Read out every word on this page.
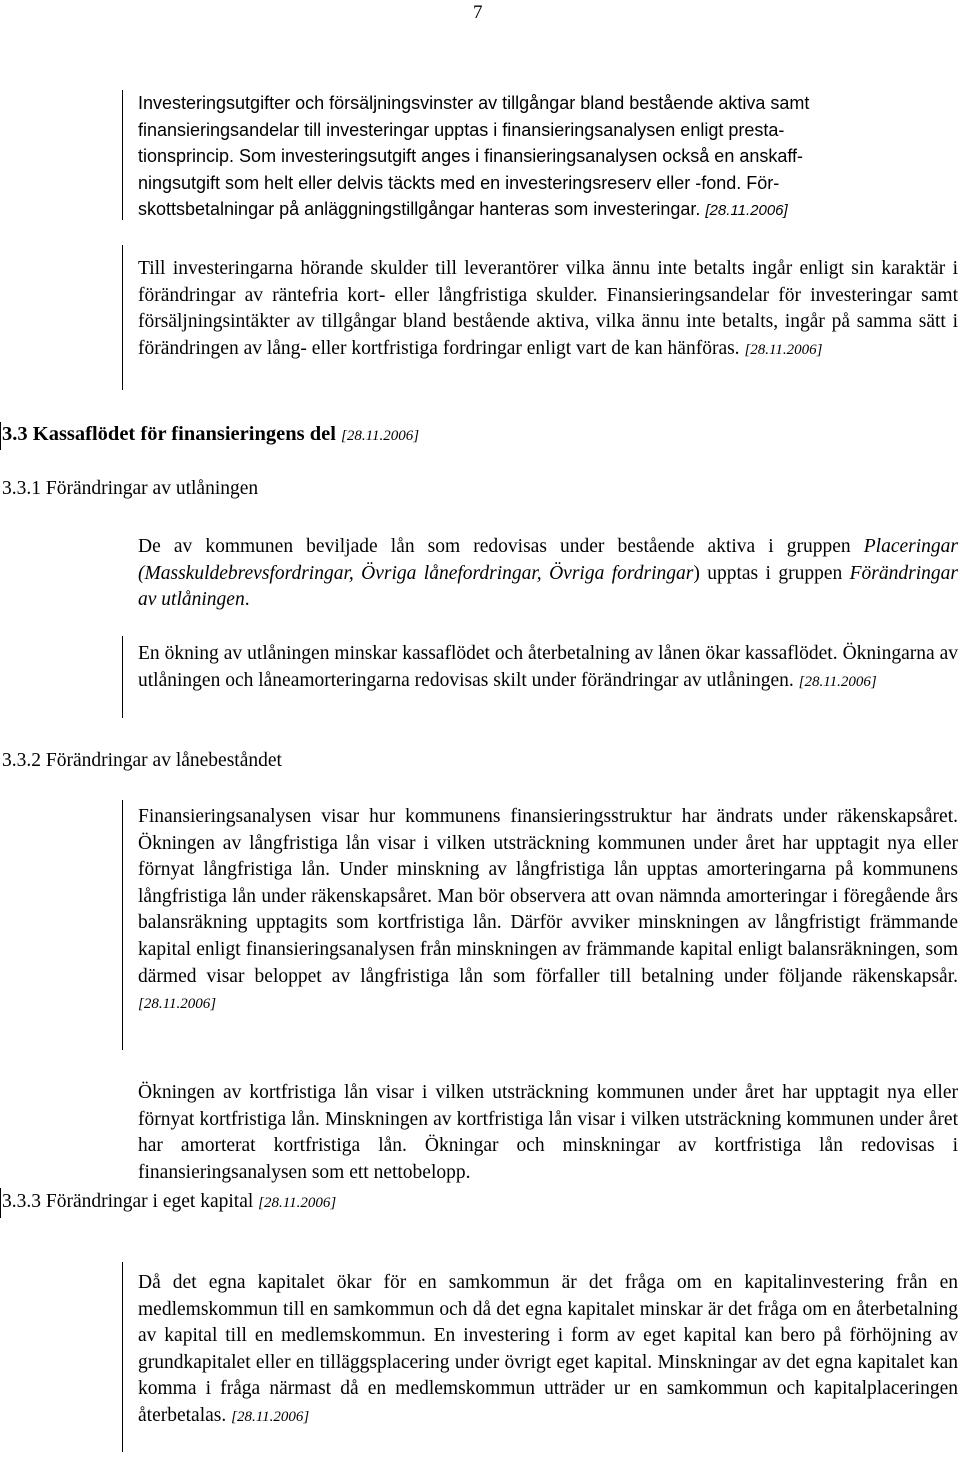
7

Investeringsutgifter och försäljningsvinster av tillgångar bland bestående aktiva samt
finansieringsandelar till investeringar upptas i finansieringsanalysen enligt presta-
tionsprincip. Som investeringsutgift anges i finansieringsanalysen också en anskaff-
ningsutgift som helt eller delvis täckts med en investeringsreserv eller -fond. För-
skottsbetalningar på anläggningstillgångar hanteras som investeringar. [28.11.2006]

Till investeringarna hörande skulder till leverantörer vilka ännu inte betalts ingår enligt sin karaktär i förändringar av räntefria kort- eller långfristiga skulder. Finansieringsandelar för investeringar samt försäljningsintäkter av tillgångar bland bestående aktiva, vilka ännu inte betalts, ingår på samma sätt i förändringen av lång- eller kortfristiga fordringar enligt vart de kan hänföras. [28.11.2006]

3.3 Kassaflödet för finansieringens del [28.11.2006]
3.3.1 Förändringar av utlåningen

De av kommunen beviljade lån som redovisas under bestående aktiva i gruppen Placeringar (Masskuldebrevsfordringar, Övriga lånefordringar, Övriga fordringar) upptas i gruppen Förändringar av utlåningen.

En ökning av utlåningen minskar kassaflödet och återbetalning av lånen ökar kassaflödet. Ökningarna av utlåningen och låneamorteringarna redovisas skilt under förändringar av utlåningen. [28.11.2006]

3.3.2 Förändringar av lånebeståndet

Finansieringsanalysen visar hur kommunens finansieringsstruktur har ändrats under räkenskapsåret. Ökningen av långfristiga lån visar i vilken utsträckning kommunen under året har upptagit nya eller förnyat långfristiga lån. Under minskning av långfristiga lån upptas amorteringarna på kommunens långfristiga lån under räkenskapsåret. Man bör observera att ovan nämnda amorteringar i föregående års balansräkning upptagits som kortfristiga lån. Därför avviker minskningen av långfristigt främmande kapital enligt finansieringsanalysen från minskningen av främmande kapital enligt balansräkningen, som därmed visar beloppet av långfristiga lån som förfaller till betalning under följande räkenskapsår. [28.11.2006]

Ökningen av kortfristiga lån visar i vilken utsträckning kommunen under året har upptagit nya eller förnyat kortfristiga lån. Minskningen av kortfristiga lån visar i vilken utsträckning kommunen under året har amorterat kortfristiga lån. Ökningar och minskningar av kortfristiga lån redovisas i finansieringsanalysen som ett nettobelopp.

3.3.3 Förändringar i eget kapital [28.11.2006]

Då det egna kapitalet ökar för en samkommun är det fråga om en kapitalinvestering från en medlemskommun till en samkommun och då det egna kapitalet minskar är det fråga om en återbetalning av kapital till en medlemskommun. En investering i form av eget kapital kan bero på förhöjning av grundkapitalet eller en tilläggsplacering under övrigt eget kapital. Minskningar av det egna kapitalet kan komma i fråga närmast då en medlemskommun utträder ur en samkommun och kapitalplaceringen återbetalas. [28.11.2006]
